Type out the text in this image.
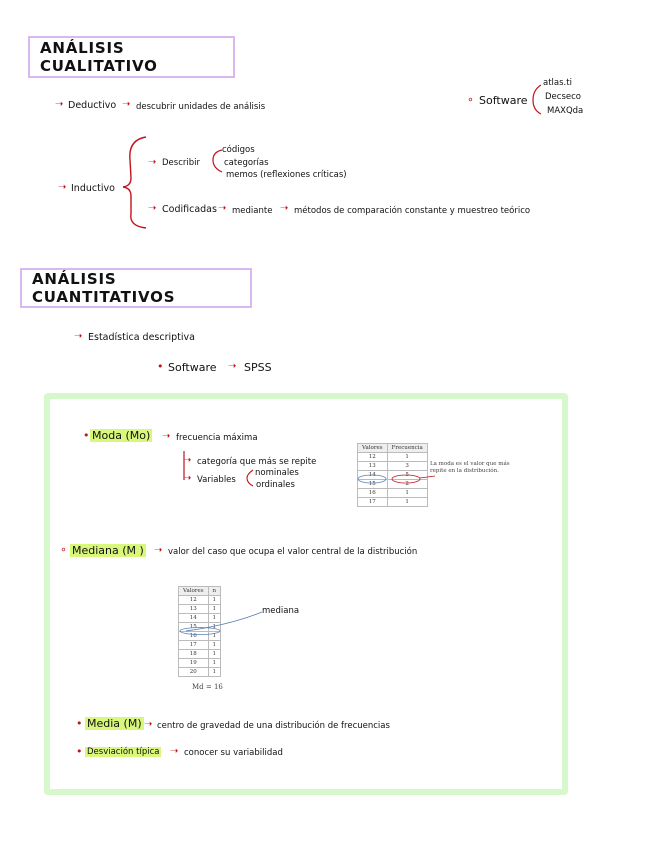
ANÁLISIS CUALITATIVO
➝ Deductivo ➝ descubrir unidades de análisis
∘ Software
atlas.ti
Decseco
MAXQda
➝ Inductivo
➝ Describir
códigos
categorías
memos (reflexiones críticas)
➝ Codificadas ➝ mediante ➝ métodos de comparación constante y muestreo teórico
ANÁLISIS CUANTITATIVOS
➝ Estadística descriptiva
• Software ➝ SPSS
• Moda (Mo) ➝ frecuencia máxima
➝ categoría que más se repite
➝ Variables
nominales
ordinales
Valores	Frecuencia
12	1
13	3
14	5
15	2
16	1
17	1
La moda es el valor que más repite en la distribución.
∘ Mediana (M ) ➝ valor del caso que ocupa el valor central de la distribución
Valores	n
12	1
13	1
14	1
15	1
16	1
17	1
18	1
19	1
20	1
Md = 16
mediana
• Media (M) ➝ centro de gravedad de una distribución de frecuencias
• Desviación típica ➝ conocer su variabilidad
